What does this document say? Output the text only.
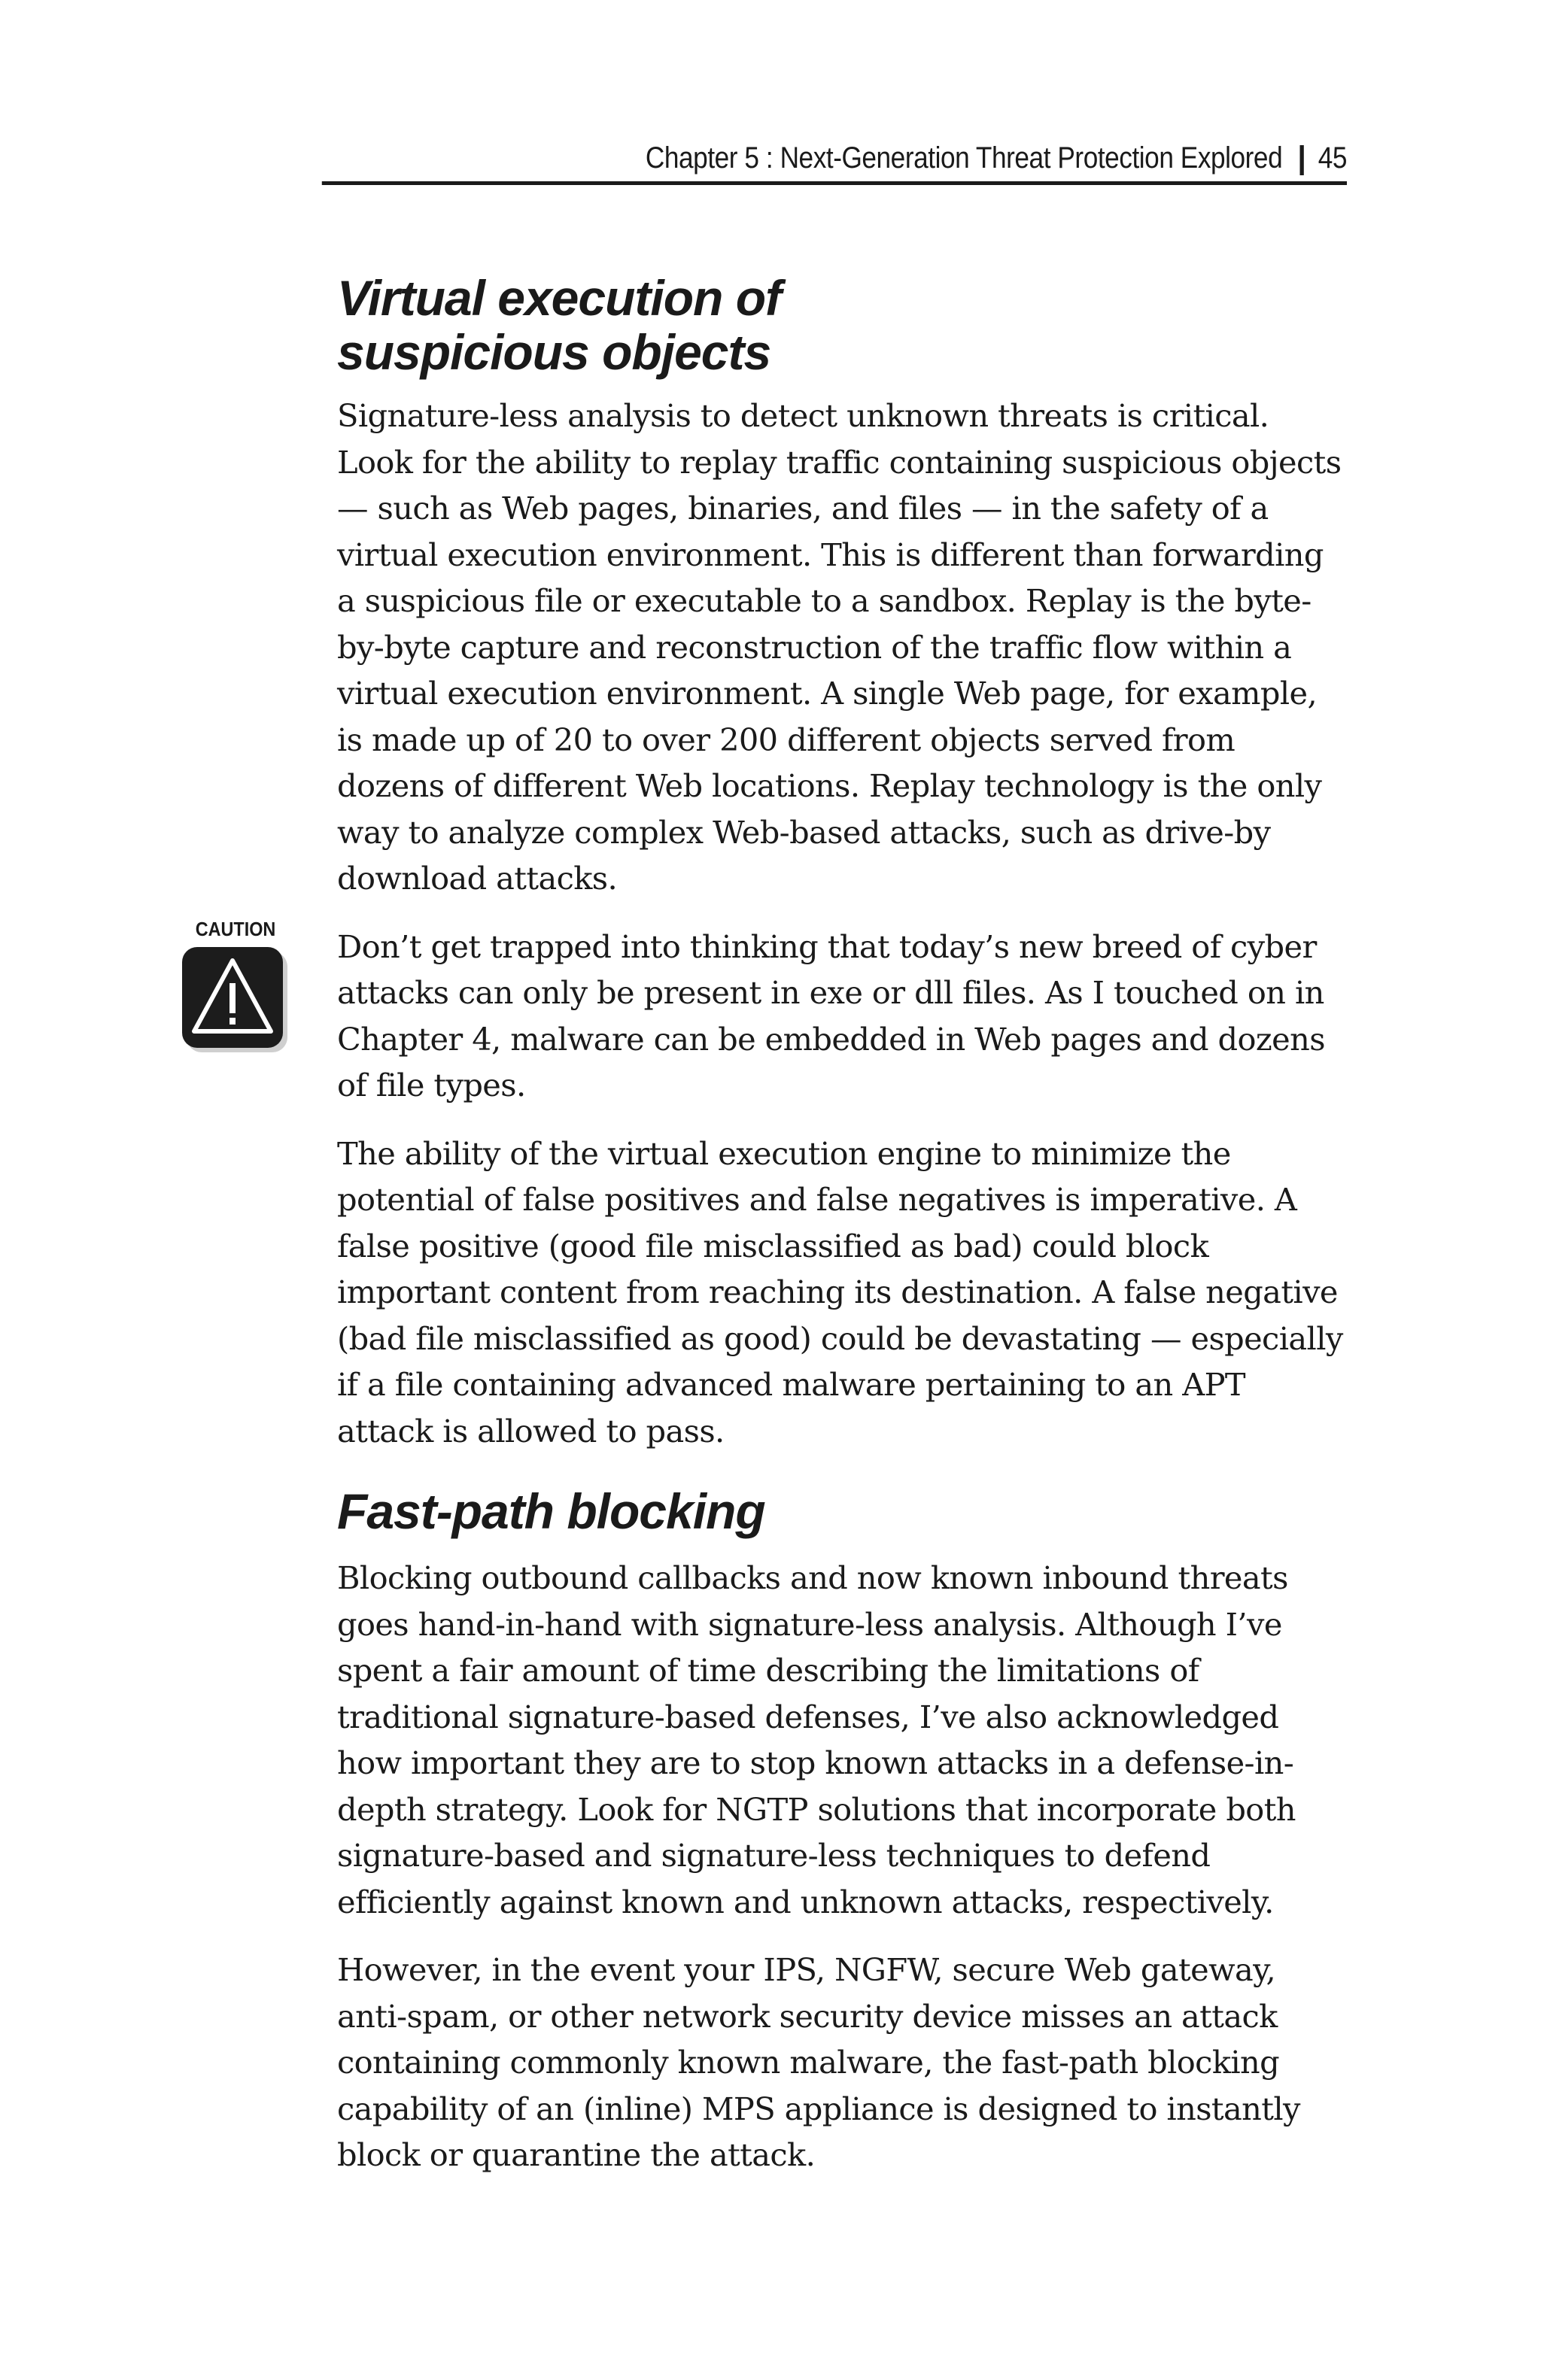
Chapter 5 : Next-Generation Threat Protection Explored 45
Virtual execution of
suspicious objects

Signature-less analysis to detect unknown threats is critical. Look for the ability to replay traffic containing suspicious objects — such as Web pages, binaries, and files — in the safety of a virtual execution environment. This is different than forwarding a suspicious file or executable to a sandbox. Replay is the byte-by-byte capture and reconstruction of the traffic flow within a virtual execution environment. A single Web page, for example, is made up of 20 to over 200 different objects served from dozens of different Web locations. Replay technology is the only way to analyze complex Web-based attacks, such as drive-by download attacks.

CAUTION	Don’t get trapped into thinking that today’s new breed of cyber attacks can only be present in exe or dll files. As I touched on in Chapter 4, malware can be embedded in Web pages and dozens of file types.

The ability of the virtual execution engine to minimize the potential of false positives and false negatives is imperative. A false positive (good file misclassified as bad) could block important content from reaching its destination. A false negative (bad file misclassified as good) could be devastating — especially if a file containing advanced malware pertaining to an APT attack is allowed to pass.

Fast-path blocking

Blocking outbound callbacks and now known inbound threats goes hand-in-hand with signature-less analysis. Although I’ve spent a fair amount of time describing the limitations of traditional signature-based defenses, I’ve also acknowledged how important they are to stop known attacks in a defense-in-depth strategy. Look for NGTP solutions that incorporate both signature-based and signature-less techniques to defend efficiently against known and unknown attacks, respectively.

However, in the event your IPS, NGFW, secure Web gateway, anti-spam, or other network security device misses an attack containing commonly known malware, the fast-path blocking capability of an (inline) MPS appliance is designed to instantly block or quarantine the attack.
